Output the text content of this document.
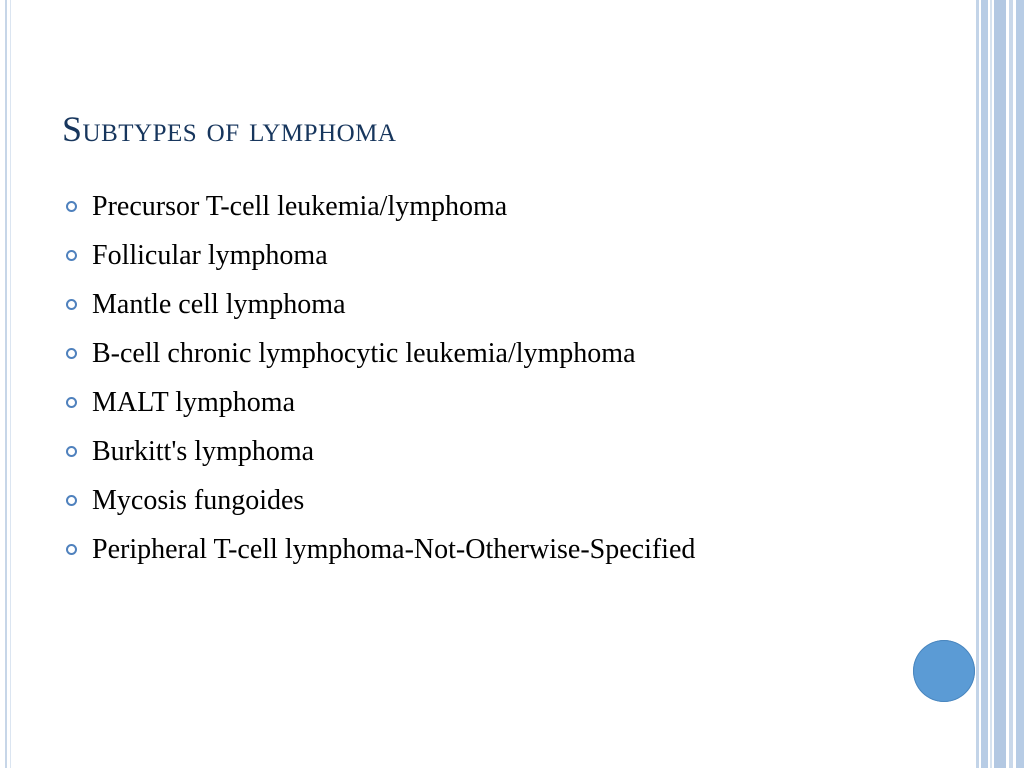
Subtypes of lymphoma
Precursor T-cell leukemia/lymphoma
Follicular lymphoma
Mantle cell lymphoma
B-cell chronic lymphocytic leukemia/lymphoma
MALT lymphoma
Burkitt's lymphoma
Mycosis fungoides
Peripheral T-cell lymphoma-Not-Otherwise-Specified
